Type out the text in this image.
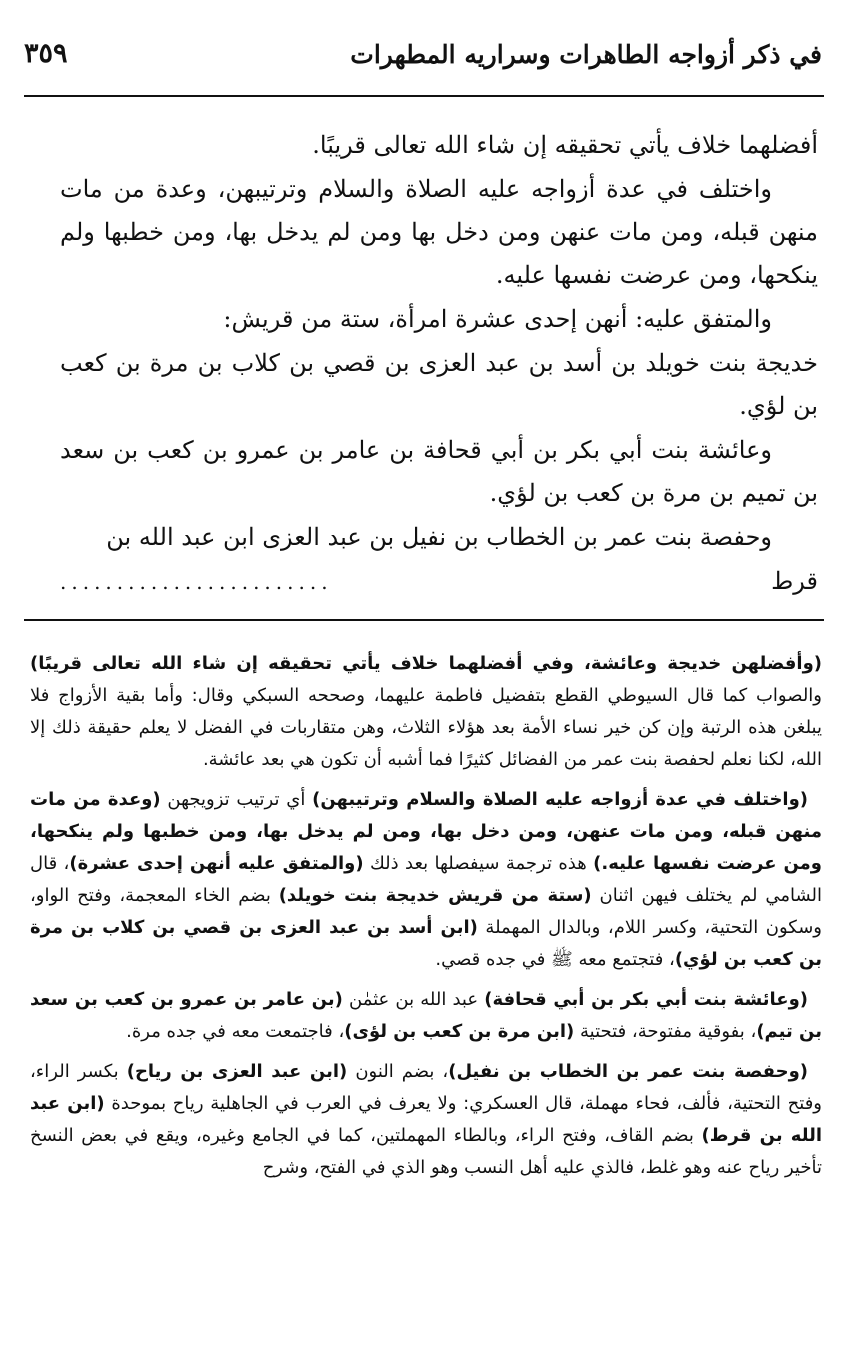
في ذكر أزواجه الطاهرات وسراريه المطهرات
٣٥٩

أفضلهما خلاف يأتي تحقيقه إن شاء الله تعالى قريبًا.

واختلف في عدة أزواجه عليه الصلاة والسلام وترتيبهن، وعدة من مات منهن قبله، ومن مات عنهن ومن دخل بها ومن لم يدخل بها، ومن خطبها ولم ينكحها، ومن عرضت نفسها عليه.

والمتفق عليه: أنهن إحدى عشرة امرأة، ستة من قريش:

خديجة بنت خويلد بن أسد بن عبد العزى بن قصي بن كلاب بن مرة بن كعب بن لؤي.

وعائشة بنت أبي بكر بن أبي قحافة بن عامر بن عمرو بن كعب بن سعد بن تميم بن مرة بن كعب بن لؤي.

وحفصة بنت عمر بن الخطاب بن نفيل بن عبد العزى ابن عبد الله بن

قرط
........................

(وأفضلهن خديجة وعائشة، وفي أفضلهما خلاف يأتي تحقيقه إن شاء الله تعالى قريبًا) والصواب كما قال السيوطي القطع بتفضيل فاطمة عليهما، وصححه السبكي وقال: وأما بقية الأزواج فلا يبلغن هذه الرتبة وإن كن خير نساء الأمة بعد هؤلاء الثلاث، وهن متقاربات في الفضل لا يعلم حقيقة ذلك إلا الله، لكنا نعلم لحفصة بنت عمر من الفضائل كثيرًا فما أشبه أن تكون هي بعد عائشة.

(واختلف في عدة أزواجه عليه الصلاة والسلام وترتيبهن) أي ترتيب تزويجهن (وعدة من مات منهن قبله، ومن مات عنهن، ومن دخل بها، ومن لم يدخل بها، ومن خطبها ولم ينكحها، ومن عرضت نفسها عليه.) هذه ترجمة سيفصلها بعد ذلك (والمتفق عليه أنهن إحدى عشرة)، قال الشامي لم يختلف فيهن اثنان (ستة من قريش خديجة بنت خويلد) بضم الخاء المعجمة، وفتح الواو، وسكون التحتية، وكسر اللام، وبالدال المهملة (ابن أسد بن عبد العزى بن قصي بن كلاب بن مرة بن كعب بن لؤي)، فتجتمع معه ﷺ في جده قصي.

(وعائشة بنت أبي بكر بن أبي قحافة) عبد الله بن عثمٰن (بن عامر بن عمرو بن كعب بن سعد بن تيم)، بفوقية مفتوحة، فتحتية (ابن مرة بن كعب بن لؤى)، فاجتمعت معه في جده مرة.

(وحفصة بنت عمر بن الخطاب بن نفيل)، بضم النون (ابن عبد العزى بن رياح) بكسر الراء، وفتح التحتية، فألف، فحاء مهملة، قال العسكري: ولا يعرف في العرب في الجاهلية رياح بموحدة (ابن عبد الله بن قرط) بضم القاف، وفتح الراء، وبالطاء المهملتين، كما في الجامع وغيره، ويقع في بعض النسخ تأخير رياح عنه وهو غلط، فالذي عليه أهل النسب وهو الذي في الفتح، وشرح
